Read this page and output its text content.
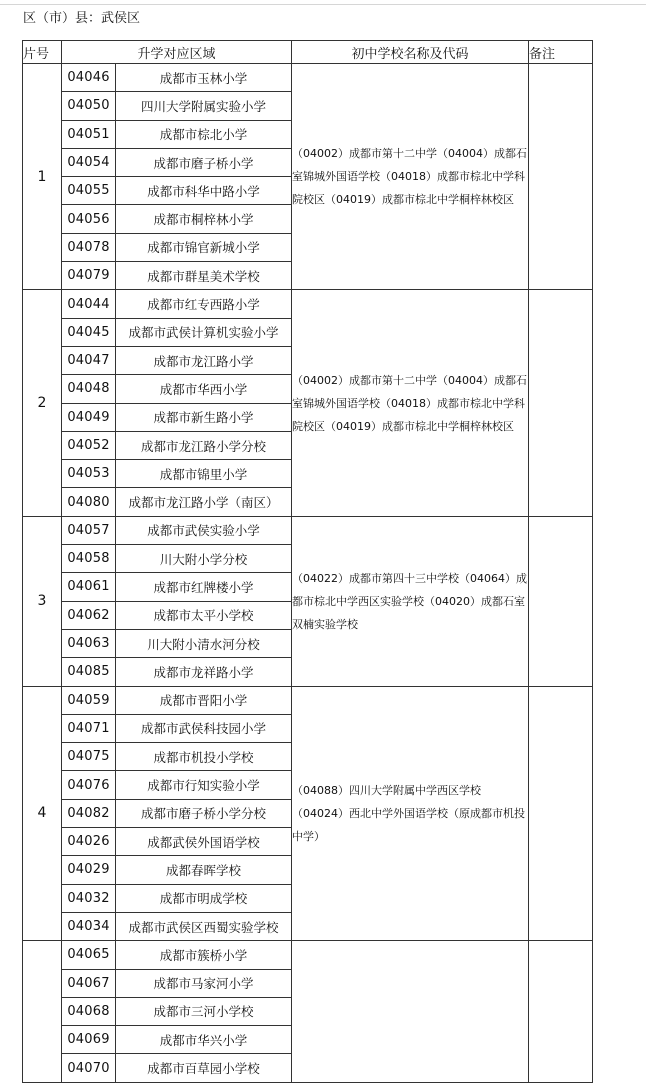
区（市）县：武侯区
片号	升学对应区域		初中学校名称及代码	备注
1	04046	成都市玉林小学	（04002）成都市第十二中学（04004）成都石室锦城外国语学校（04018）成都市棕北中学科院校区（04019）成都市棕北中学桐梓林校区	

	04050	四川大学附属实验小学		
	04051	成都市棕北小学		
	04054	成都市磨子桥小学		
	04055	成都市科华中路小学		
	04056	成都市桐梓林小学		
	04078	成都市锦官新城小学		
	04079	成都市群星美术学校		
2	04044	成都市红专西路小学	（04002）成都市第十二中学（04004）成都石室锦城外国语学校（04018）成都市棕北中学科院校区（04019）成都市棕北中学桐梓林校区	

	04045	成都市武侯计算机实验小学		
	04047	成都市龙江路小学		
	04048	成都市华西小学		
	04049	成都市新生路小学		
	04052	成都市龙江路小学分校		
	04053	成都市锦里小学		
	04080	成都市龙江路小学（南区）		
3	04057	成都市武侯实验小学	（04022）成都市第四十三中学校（04064）成都市棕北中学西区实验学校（04020）成都石室双楠实验学校	

	04058	川大附小学分校		
	04061	成都市红牌楼小学		
	04062	成都市太平小学校		
	04063	川大附小清水河分校		
	04085	成都市龙祥路小学		
4	04059	成都市晋阳小学	（04088）四川大学附属中学西区学校（04024）西北中学外国语学校（原成都市机投中学）	

	04071	成都市武侯科技园小学		
	04075	成都市机投小学校		
	04076	成都市行知实验小学		
	04082	成都市磨子桥小学分校		
	04026	成都武侯外国语学校		
	04029	成都春晖学校		
	04032	成都市明成学校		
	04034	成都市武侯区西蜀实验学校		
	04065	成都市簇桥小学	

	04067	成都市马家河小学		
	04068	成都市三河小学校		
	04069	成都市华兴小学		
	04070	成都市百草园小学校		
